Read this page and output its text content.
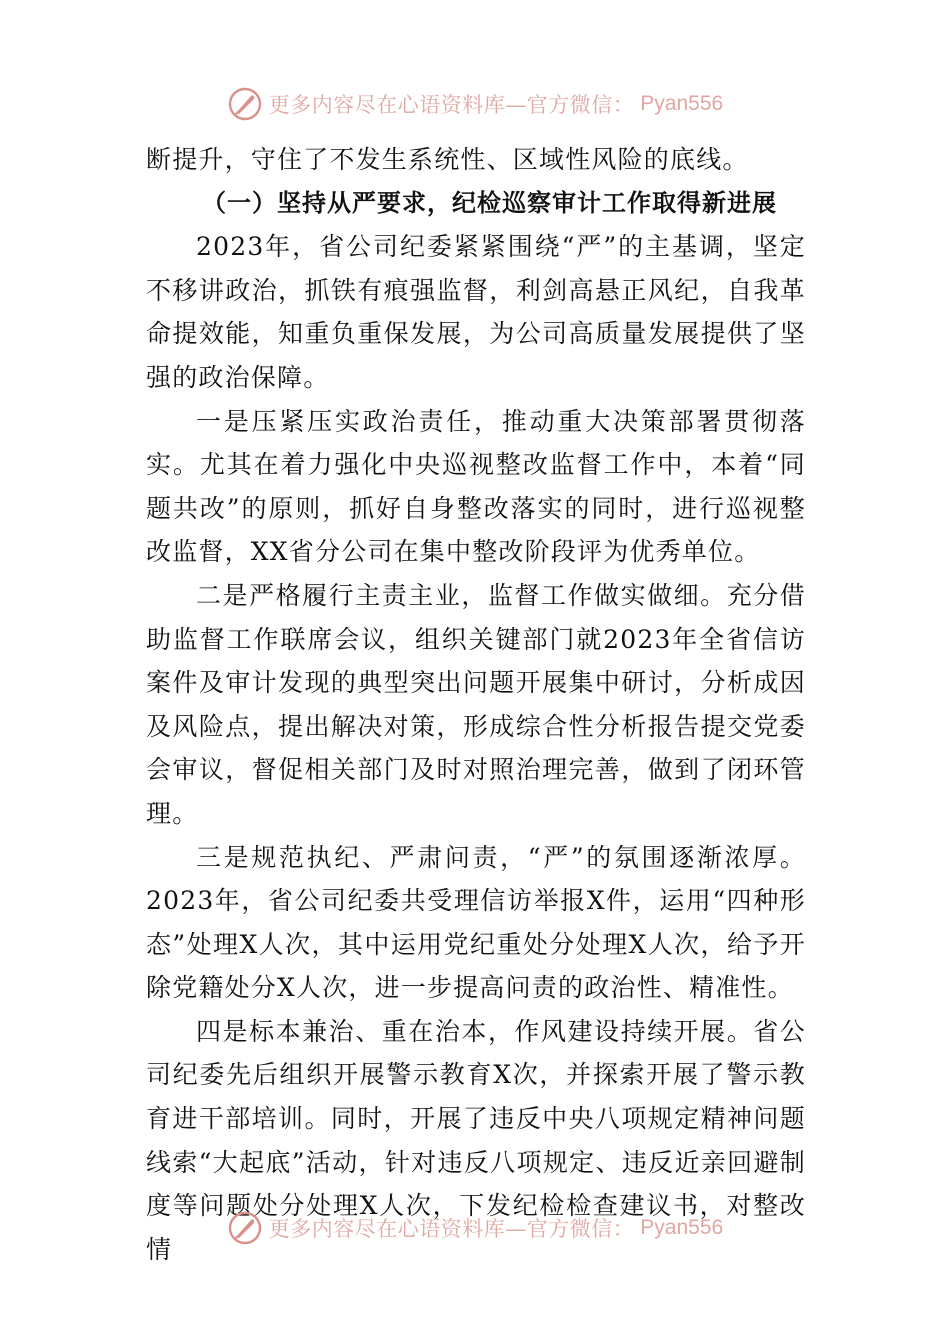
更多内容尽在心语资料库—官方微信： Pyan556

断提升，守住了不发生系统性、区域性风险的底线。

（一）坚持从严要求，纪检巡察审计工作取得新进展

2023年，省公司纪委紧紧围绕“严”的主基调，坚定不移讲政治，抓铁有痕强监督，利剑高悬正风纪，自我革命提效能，知重负重保发展，为公司高质量发展提供了坚强的政治保障。

一是压紧压实政治责任，推动重大决策部署贯彻落实。尤其在着力强化中央巡视整改监督工作中，本着“同题共改”的原则，抓好自身整改落实的同时，进行巡视整改监督，XX省分公司在集中整改阶段评为优秀单位。

二是严格履行主责主业，监督工作做实做细。充分借助监督工作联席会议，组织关键部门就2023年全省信访案件及审计发现的典型突出问题开展集中研讨，分析成因及风险点，提出解决对策，形成综合性分析报告提交党委会审议，督促相关部门及时对照治理完善，做到了闭环管理。

三是规范执纪、严肃问责，“严”的氛围逐渐浓厚。2023年，省公司纪委共受理信访举报X件，运用“四种形态”处理X人次，其中运用党纪重处分处理X人次，给予开除党籍处分X人次，进一步提高问责的政治性、精准性。

四是标本兼治、重在治本，作风建设持续开展。省公司纪委先后组织开展警示教育X次，并探索开展了警示教育进干部培训。同时，开展了违反中央八项规定精神问题线索“大起底”活动，针对违反八项规定、违反近亲回避制度等问题处分处理X人次，下发纪检检查建议书，对整改情

更多内容尽在心语资料库—官方微信： Pyan556
